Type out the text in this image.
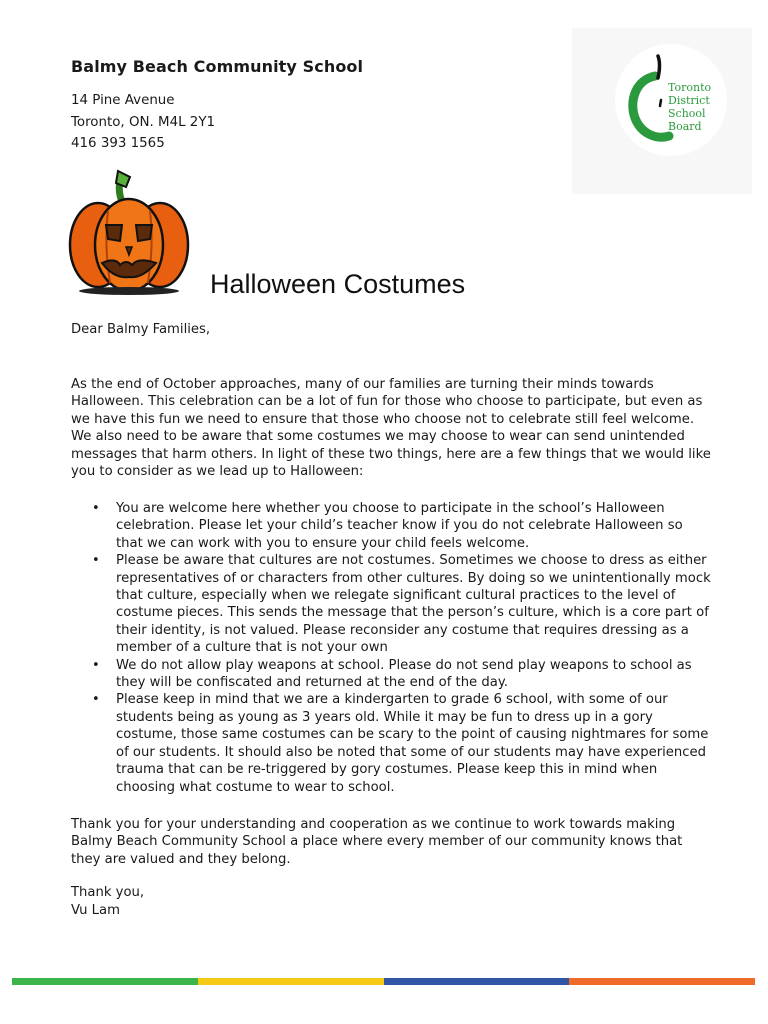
Balmy Beach Community School
14 Pine Avenue
Toronto, ON. M4L 2Y1
416 393 1565
Toronto
District
School
Board
Halloween Costumes
Dear Balmy Families,
As the end of October approaches, many of our families are turning their minds towards Halloween. This celebration can be a lot of fun for those who choose to participate, but even as we have this fun we need to ensure that those who choose not to celebrate still feel welcome. We also need to be aware that some costumes we may choose to wear can send unintended messages that harm others. In light of these two things, here are a few things that we would like you to consider as we lead up to Halloween:
• You are welcome here whether you choose to participate in the school’s Halloween celebration. Please let your child’s teacher know if you do not celebrate Halloween so that we can work with you to ensure your child feels welcome.
• Please be aware that cultures are not costumes. Sometimes we choose to dress as either representatives of or characters from other cultures. By doing so we unintentionally mock that culture, especially when we relegate significant cultural practices to the level of costume pieces. This sends the message that the person’s culture, which is a core part of their identity, is not valued. Please reconsider any costume that requires dressing as a member of a culture that is not your own
• We do not allow play weapons at school. Please do not send play weapons to school as they will be confiscated and returned at the end of the day.
• Please keep in mind that we are a kindergarten to grade 6 school, with some of our students being as young as 3 years old. While it may be fun to dress up in a gory costume, those same costumes can be scary to the point of causing nightmares for some of our students. It should also be noted that some of our students may have experienced trauma that can be re-triggered by gory costumes. Please keep this in mind when choosing what costume to wear to school.
Thank you for your understanding and cooperation as we continue to work towards making Balmy Beach Community School a place where every member of our community knows that they are valued and they belong.
Thank you,
Vu Lam
